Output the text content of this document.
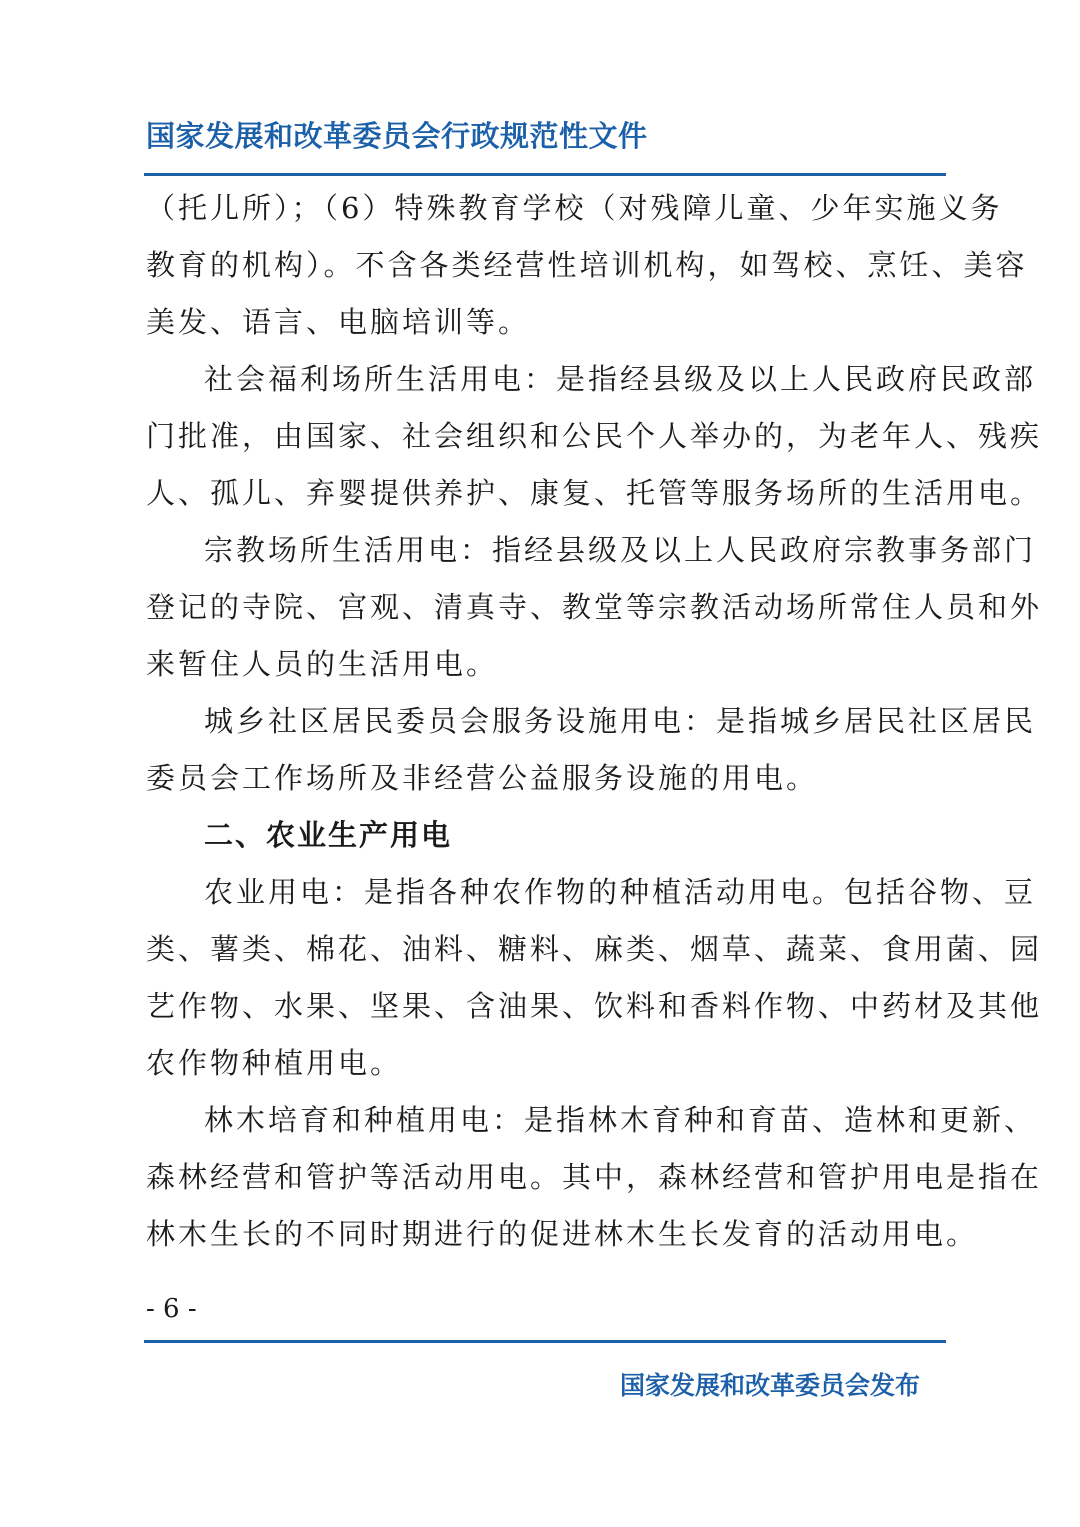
国家发展和改革委员会行政规范性文件
（托儿所）；（6）特殊教育学校（对残障儿童、少年实施义务
教育的机构）。不含各类经营性培训机构，如驾校、烹饪、美容
美发、语言、电脑培训等。
社会福利场所生活用电：是指经县级及以上人民政府民政部
门批准，由国家、社会组织和公民个人举办的，为老年人、残疾
人、孤儿、弃婴提供养护、康复、托管等服务场所的生活用电。
宗教场所生活用电：指经县级及以上人民政府宗教事务部门
登记的寺院、宫观、清真寺、教堂等宗教活动场所常住人员和外
来暂住人员的生活用电。
城乡社区居民委员会服务设施用电：是指城乡居民社区居民
委员会工作场所及非经营公益服务设施的用电。
二、农业生产用电
农业用电：是指各种农作物的种植活动用电。包括谷物、豆
类、薯类、棉花、油料、糖料、麻类、烟草、蔬菜、食用菌、园
艺作物、水果、坚果、含油果、饮料和香料作物、中药材及其他
农作物种植用电。
林木培育和种植用电：是指林木育种和育苗、造林和更新、
森林经营和管护等活动用电。其中，森林经营和管护用电是指在
林木生长的不同时期进行的促进林木生长发育的活动用电。
- 6 -
国家发展和改革委员会发布
